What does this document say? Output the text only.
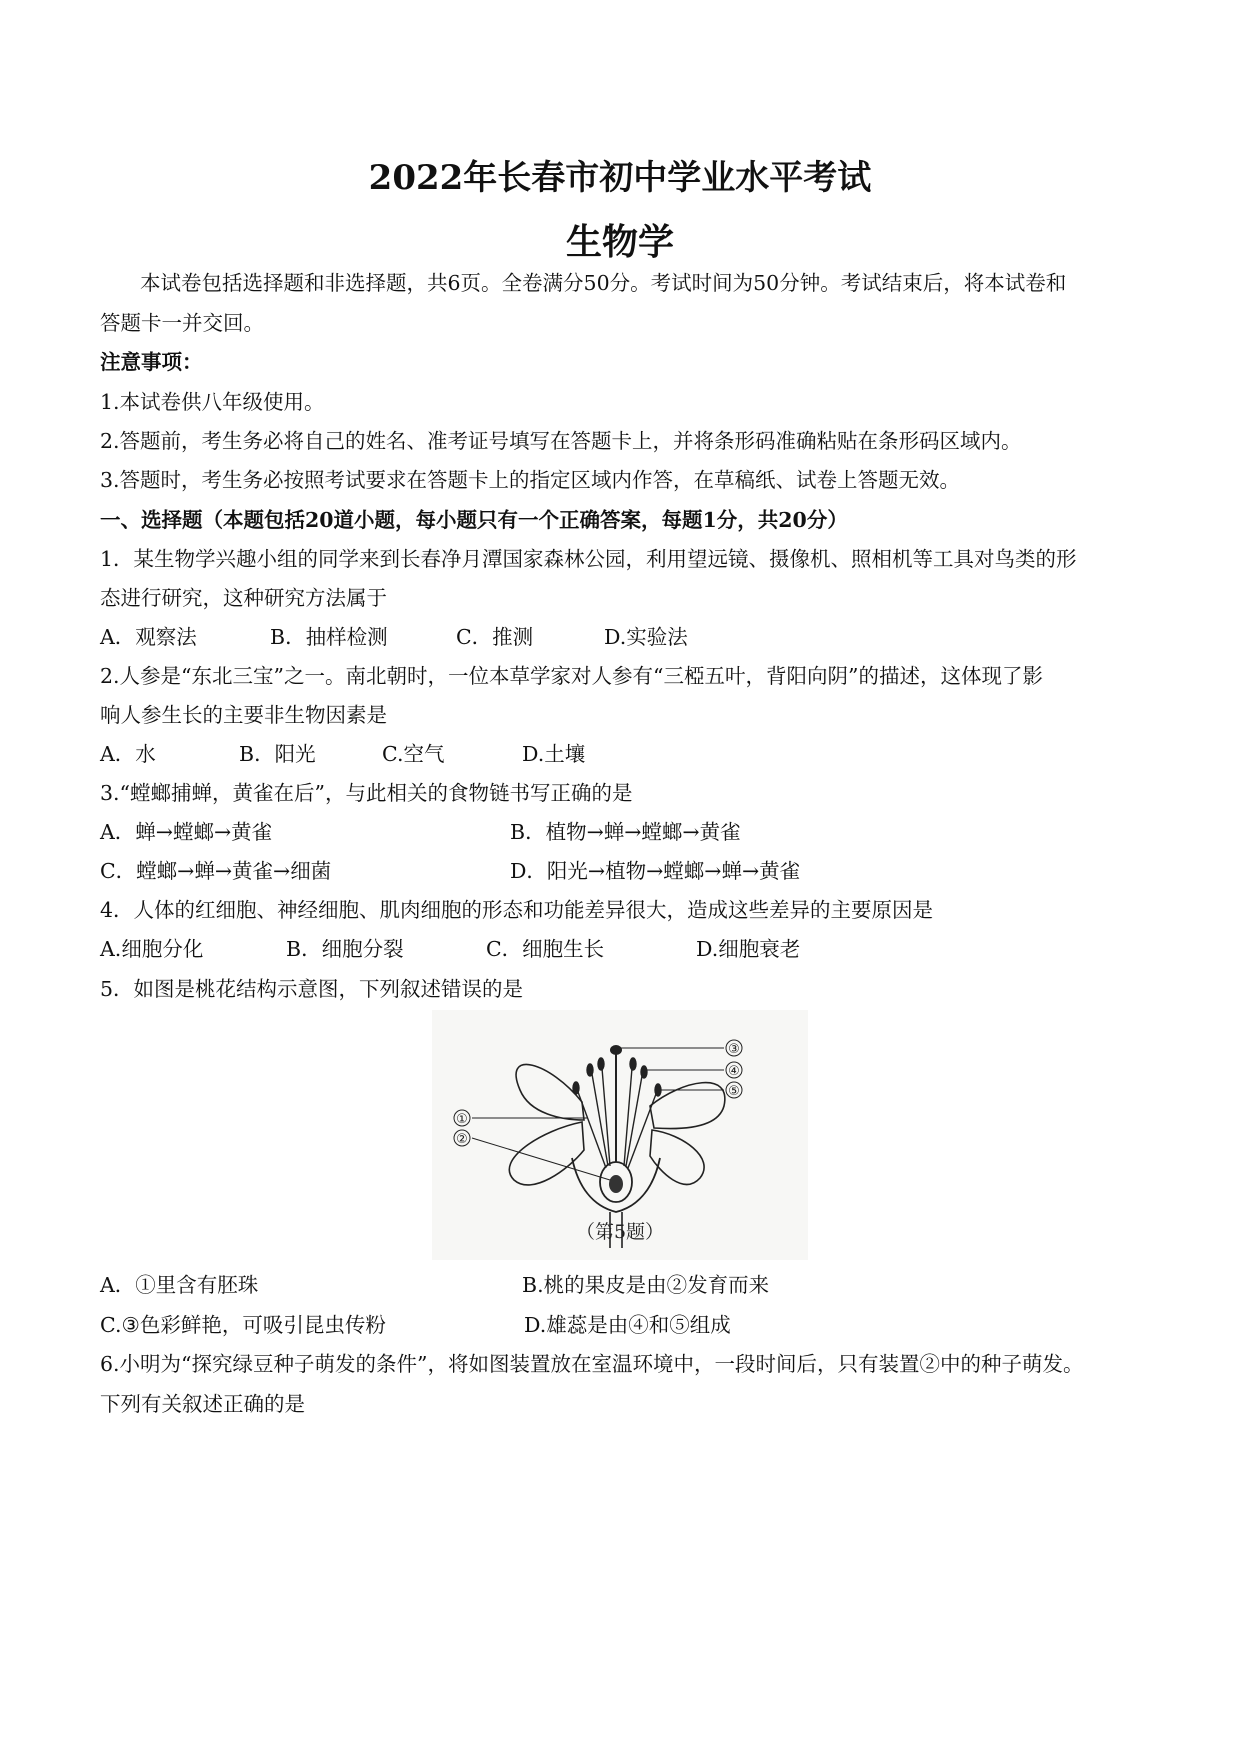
2022年长春市初中学业水平考试
生物学
本试卷包括选择题和非选择题，共6页。全卷满分50分。考试时间为50分钟。考试结束后，将本试卷和
答题卡一并交回。
注意事项：
1.本试卷供八年级使用。
2.答题前，考生务必将自己的姓名、准考证号填写在答题卡上，并将条形码准确粘贴在条形码区域内。
3.答题时，考生务必按照考试要求在答题卡上的指定区域内作答，在草稿纸、试卷上答题无效。
一、选择题（本题包括20道小题，每小题只有一个正确答案，每题1分，共20分）
1．某生物学兴趣小组的同学来到长春净月潭国家森林公园，利用望远镜、摄像机、照相机等工具对鸟类的形
态进行研究，这种研究方法属于
A．观察法	B．抽样检测	C．推测	D.实验法
2.人参是“东北三宝”之一。南北朝时，一位本草学家对人参有“三椏五叶，背阳向阴”的描述，这体现了影
响人参生长的主要非生物因素是
A．水	B．阳光	C.空气	D.土壤
3.“螳螂捕蝉，黄雀在后”，与此相关的食物链书写正确的是
A．蝉→螳螂→黄雀	B．植物→蝉→螳螂→黄雀
C．螳螂→蝉→黄雀→细菌	D．阳光→植物→螳螂→蝉→黄雀
4．人体的红细胞、神经细胞、肌肉细胞的形态和功能差异很大，造成这些差异的主要原因是
A.细胞分化	B．细胞分裂	C．细胞生长	D.细胞衰老
5．如图是桃花结构示意图，下列叙述错误的是
③
④
⑤
①
②
（第5题）
A．①里含有胚珠	B.桃的果皮是由②发育而来
C.③色彩鲜艳，可吸引昆虫传粉	D.雄蕊是由④和⑤组成
6.小明为“探究绿豆种子萌发的条件”，将如图装置放在室温环境中，一段时间后，只有装置②中的种子萌发。
下列有关叙述正确的是
